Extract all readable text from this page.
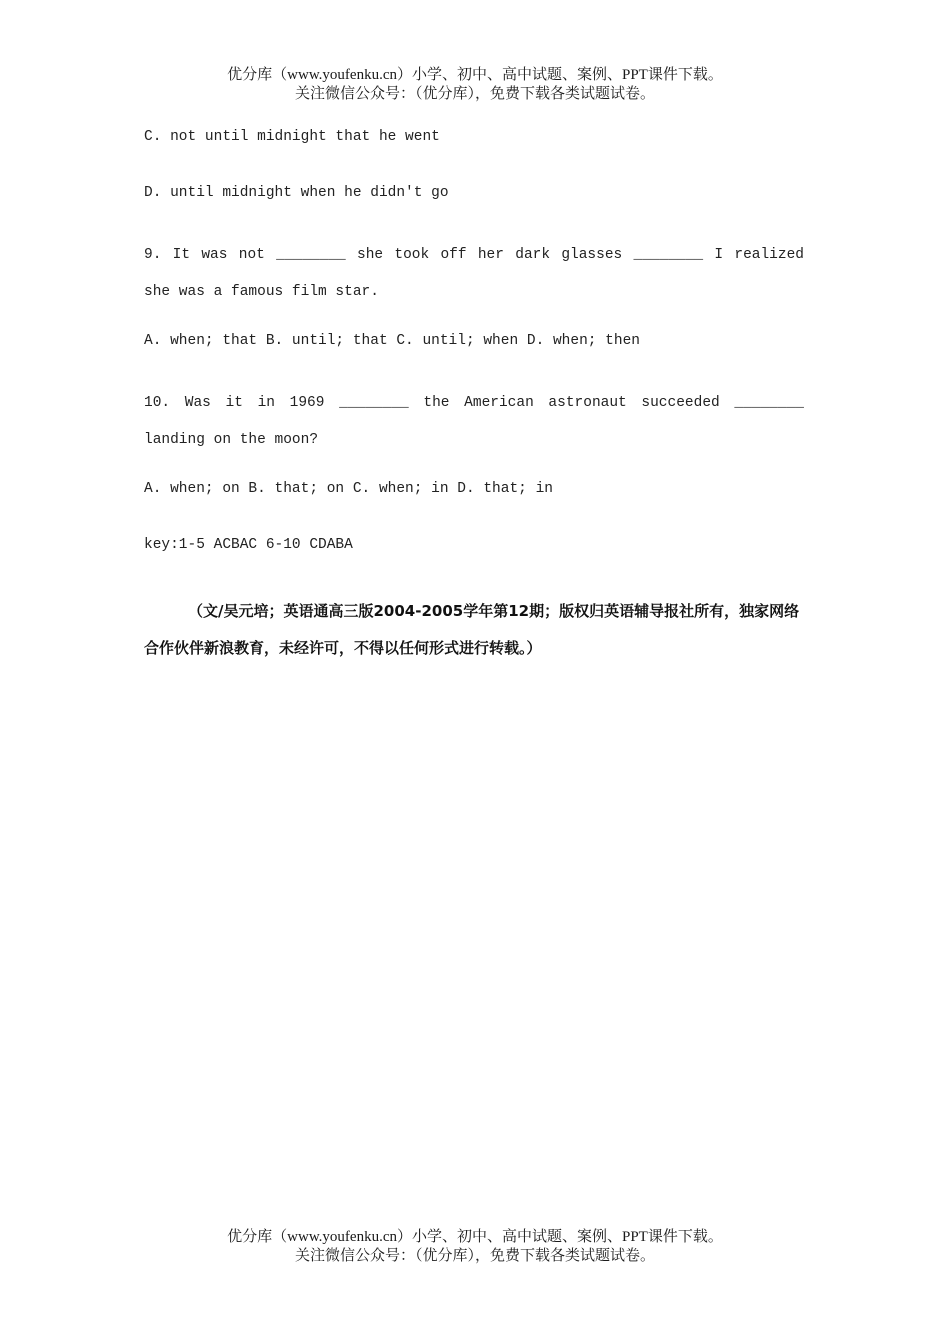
优分库（www.youfenku.cn）小学、初中、高中试题、案例、PPT课件下载。
关注微信公众号：（优分库），免费下载各类试题试卷。

C. not until midnight that he went

D. until midnight when he didn't go

9. It was not ________ she took off her dark glasses ________ I realized she was a famous film star.

A. when; that B. until; that C. until; when D. when; then

10. Was it in 1969 ________ the American astronaut succeeded ________ landing on the moon?

A. when; on B. that; on C. when; in D. that; in

key:1-5 ACBAC 6-10 CDABA

（文/吴元培；英语通高三版2004-2005学年第12期；版权归英语辅导报社所有，独家网络合作伙伴新浪教育，未经许可，不得以任何形式进行转载。）

优分库（www.youfenku.cn）小学、初中、高中试题、案例、PPT课件下载。
关注微信公众号：（优分库），免费下载各类试题试卷。
